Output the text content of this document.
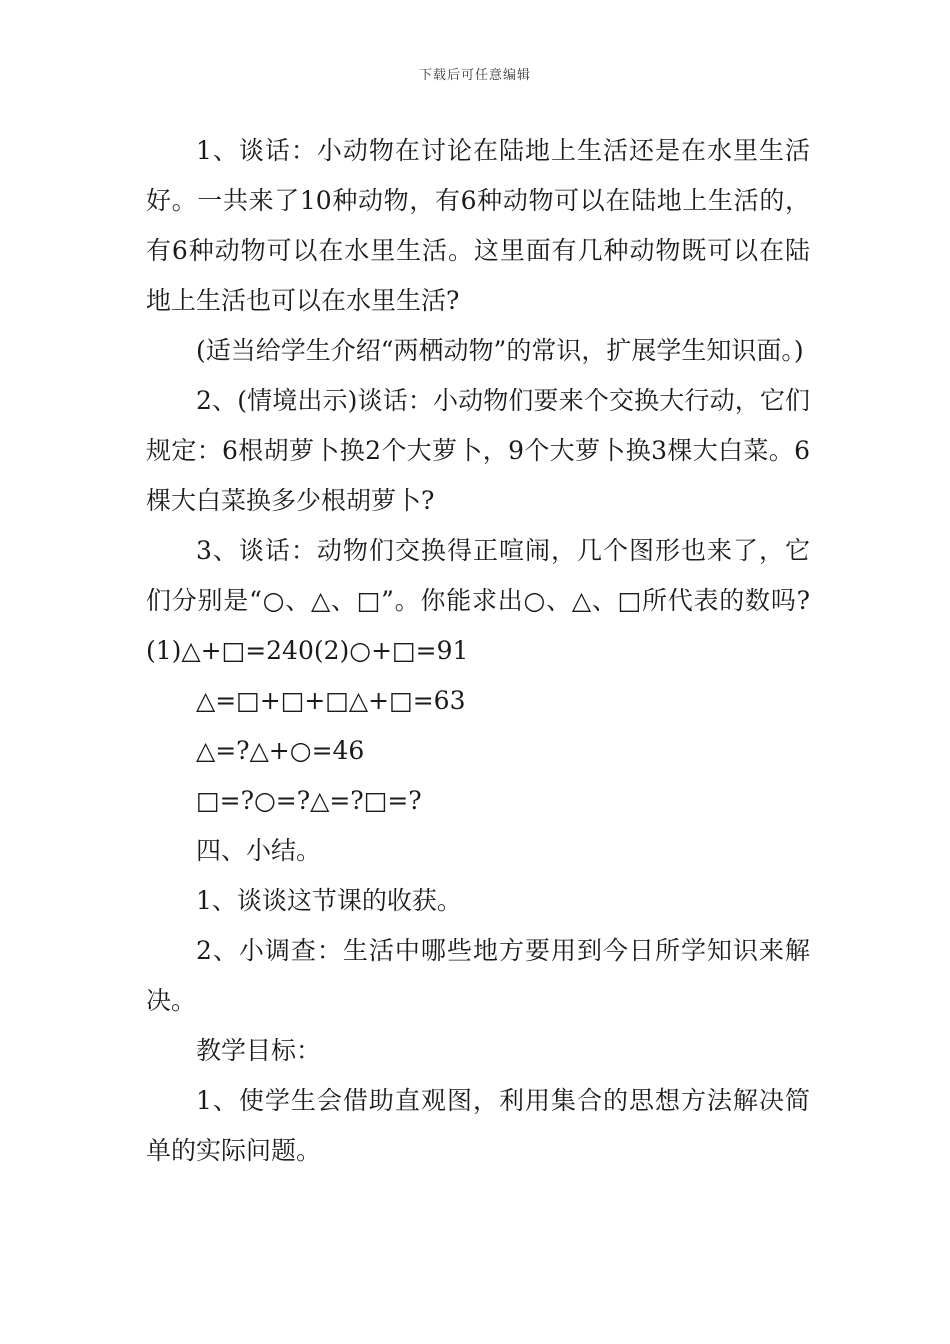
下载后可任意编辑

1、谈话：小动物在讨论在陆地上生活还是在水里生活好。一共来了10种动物，有6种动物可以在陆地上生活的，有6种动物可以在水里生活。这里面有几种动物既可以在陆地上生活也可以在水里生活?

(适当给学生介绍“两栖动物”的常识，扩展学生知识面。)

2、(情境出示)谈话：小动物们要来个交换大行动，它们规定：6根胡萝卜换2个大萝卜，9个大萝卜换3棵大白菜。6棵大白菜换多少根胡萝卜?

3、谈话：动物们交换得正喧闹，几个图形也来了，它们分别是“○、△、□”。你能求出○、△、□所代表的数吗?(1)△+□=240(2)○+□=91

△=□+□+□△+□=63

△=?△+○=46

□=?○=?△=?□=?

四、小结。

1、谈谈这节课的收获。

2、小调查：生活中哪些地方要用到今日所学知识来解决。

教学目标：

1、使学生会借助直观图，利用集合的思想方法解决简单的实际问题。
